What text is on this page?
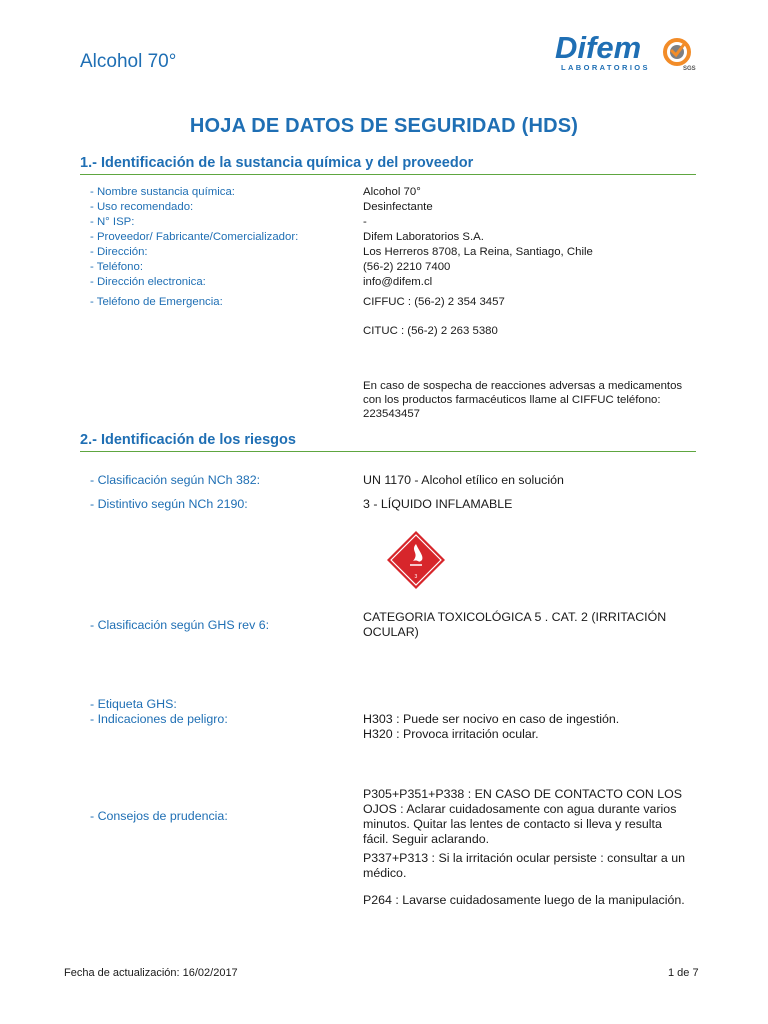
Alcohol 70°	Difem
LABORATORIOS	SGS
HOJA DE DATOS DE SEGURIDAD (HDS)
1.- Identificación de la sustancia química y del proveedor
- Nombre sustancia química:	Alcohol 70°
- Uso recomendado:	Desinfectante
- N° ISP:	-
- Proveedor/ Fabricante/Comercializador:	Difem Laboratorios S.A.
- Dirección:	Los Herreros 8708, La Reina, Santiago, Chile
- Teléfono:	(56-2) 2210 7400
- Dirección electronica:	info@difem.cl
- Teléfono de Emergencia:	CIFFUC : (56-2) 2 354 3457
CITUC : (56-2) 2 263 5380
En caso de sospecha de reacciones adversas a medicamentos
con los productos farmacéuticos llame al CIFFUC teléfono:
223543457
2.- Identificación de los riesgos
- Clasificación según NCh 382:	UN 1170 - Alcohol etílico en solución
- Distintivo según NCh 2190:	3 - LÍQUIDO INFLAMABLE
3
- Clasificación según GHS rev 6:
CATEGORIA TOXICOLÓGICA 5 . CAT. 2 (IRRITACIÓN
OCULAR)
- Etiqueta GHS:
- Indicaciones de peligro:	H303 : Puede ser nocivo en caso de ingestión.
H320 : Provoca irritación ocular.
- Consejos de prudencia:
P305+P351+P338 : EN CASO DE CONTACTO CON LOS
OJOS : Aclarar cuidadosamente con agua durante varios
minutos. Quitar las lentes de contacto si lleva y resulta
fácil. Seguir aclarando.
P337+P313 : Si la irritación ocular persiste : consultar a un
médico.
P264 : Lavarse cuidadosamente luego de la manipulación.
Fecha de actualización: 16/02/2017	1 de 7
